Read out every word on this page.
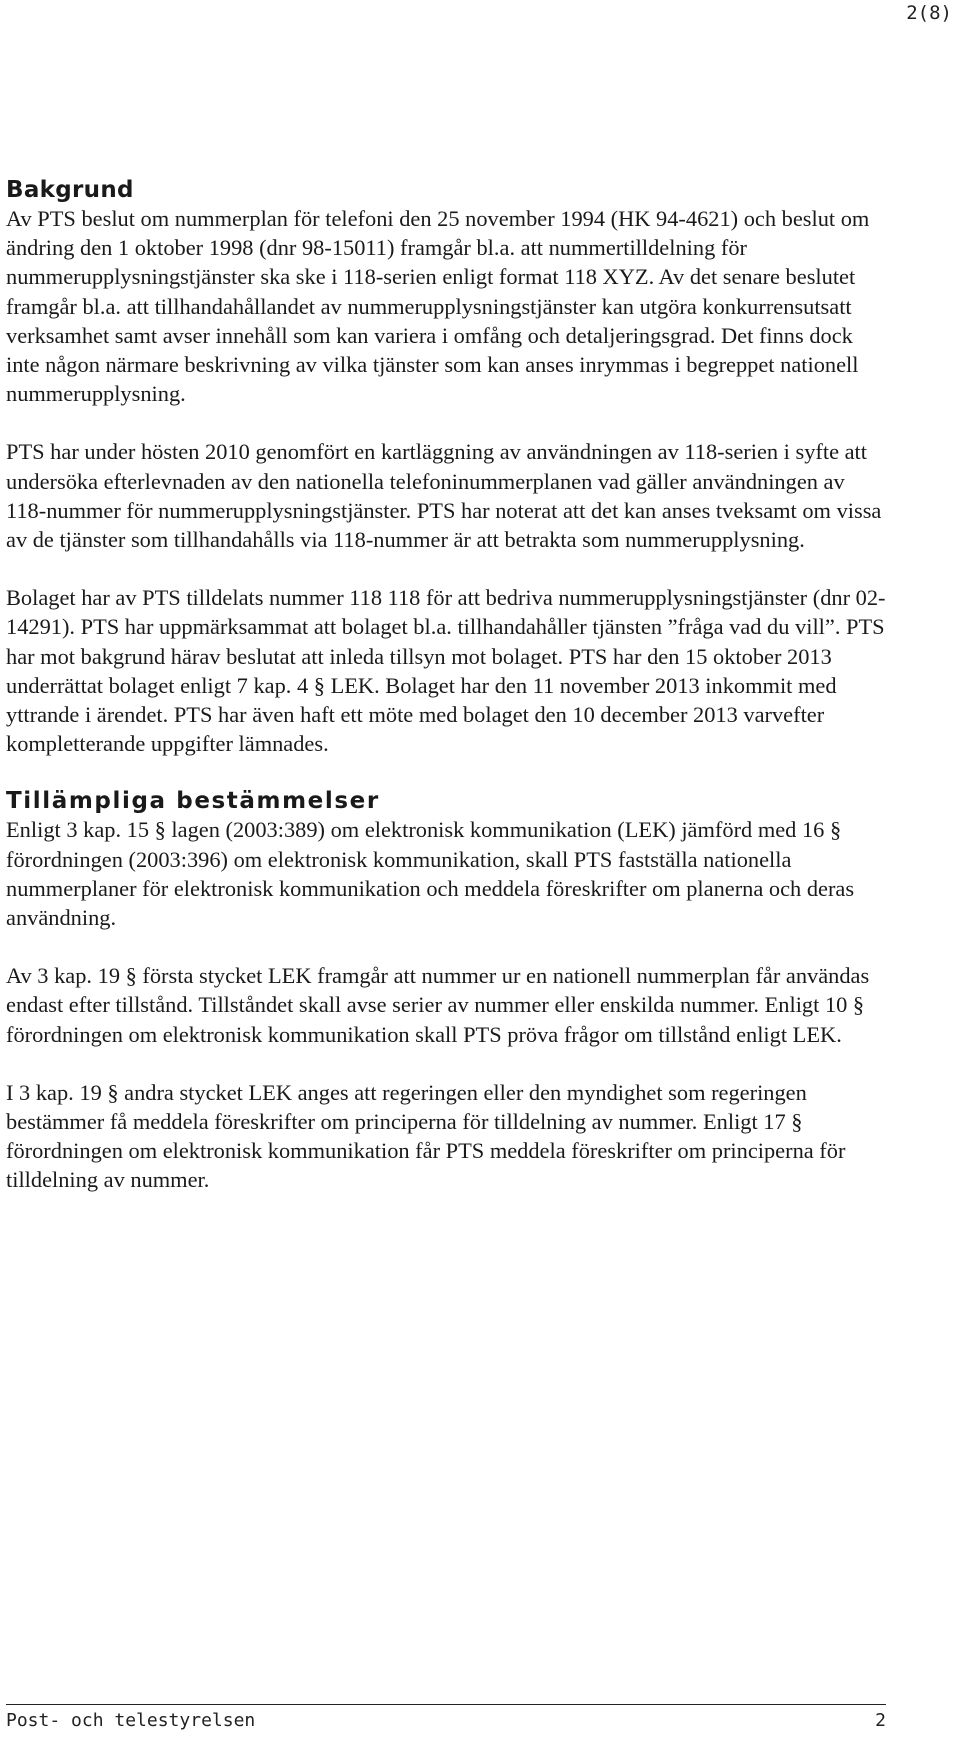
2(8)
Bakgrund

Av PTS beslut om nummerplan för telefoni den 25 november 1994 (HK 94-4621) och beslut om ändring den 1 oktober 1998 (dnr 98-15011) framgår bl.a. att nummertilldelning för nummerupplysningstjänster ska ske i 118-serien enligt format 118 XYZ. Av det senare beslutet framgår bl.a. att tillhandahållandet av nummerupplysningstjänster kan utgöra konkurrensutsatt verksamhet samt avser innehåll som kan variera i omfång och detaljeringsgrad. Det finns dock inte någon närmare beskrivning av vilka tjänster som kan anses inrymmas i begreppet nationell nummerupplysning.

PTS har under hösten 2010 genomfört en kartläggning av användningen av 118-serien i syfte att undersöka efterlevnaden av den nationella telefoninummerplanen vad gäller användningen av 118-nummer för nummerupplysningstjänster. PTS har noterat att det kan anses tveksamt om vissa av de tjänster som tillhandahålls via 118-nummer är att betrakta som nummerupplysning.

Bolaget har av PTS tilldelats nummer 118 118 för att bedriva nummerupplysningstjänster (dnr 02-14291). PTS har uppmärksammat att bolaget bl.a. tillhandahåller tjänsten ”fråga vad du vill”. PTS har mot bakgrund härav beslutat att inleda tillsyn mot bolaget. PTS har den 15 oktober 2013 underrättat bolaget enligt 7 kap. 4 § LEK. Bolaget har den 11 november 2013 inkommit med yttrande i ärendet. PTS har även haft ett möte med bolaget den 10 december 2013 varvefter kompletterande uppgifter lämnades.

Tillämpliga bestämmelser

Enligt 3 kap. 15 § lagen (2003:389) om elektronisk kommunikation (LEK) jämförd med 16 § förordningen (2003:396) om elektronisk kommunikation, skall PTS fastställa nationella nummerplaner för elektronisk kommunikation och meddela föreskrifter om planerna och deras användning.

Av 3 kap. 19 § första stycket LEK framgår att nummer ur en nationell nummerplan får användas endast efter tillstånd. Tillståndet skall avse serier av nummer eller enskilda nummer. Enligt 10 § förordningen om elektronisk kommunikation skall PTS pröva frågor om tillstånd enligt LEK.

I 3 kap. 19 § andra stycket LEK anges att regeringen eller den myndighet som regeringen bestämmer få meddela föreskrifter om principerna för tilldelning av nummer. Enligt 17 § förordningen om elektronisk kommunikation får PTS meddela föreskrifter om principerna för tilldelning av nummer.

Post- och telestyrelsen	2
